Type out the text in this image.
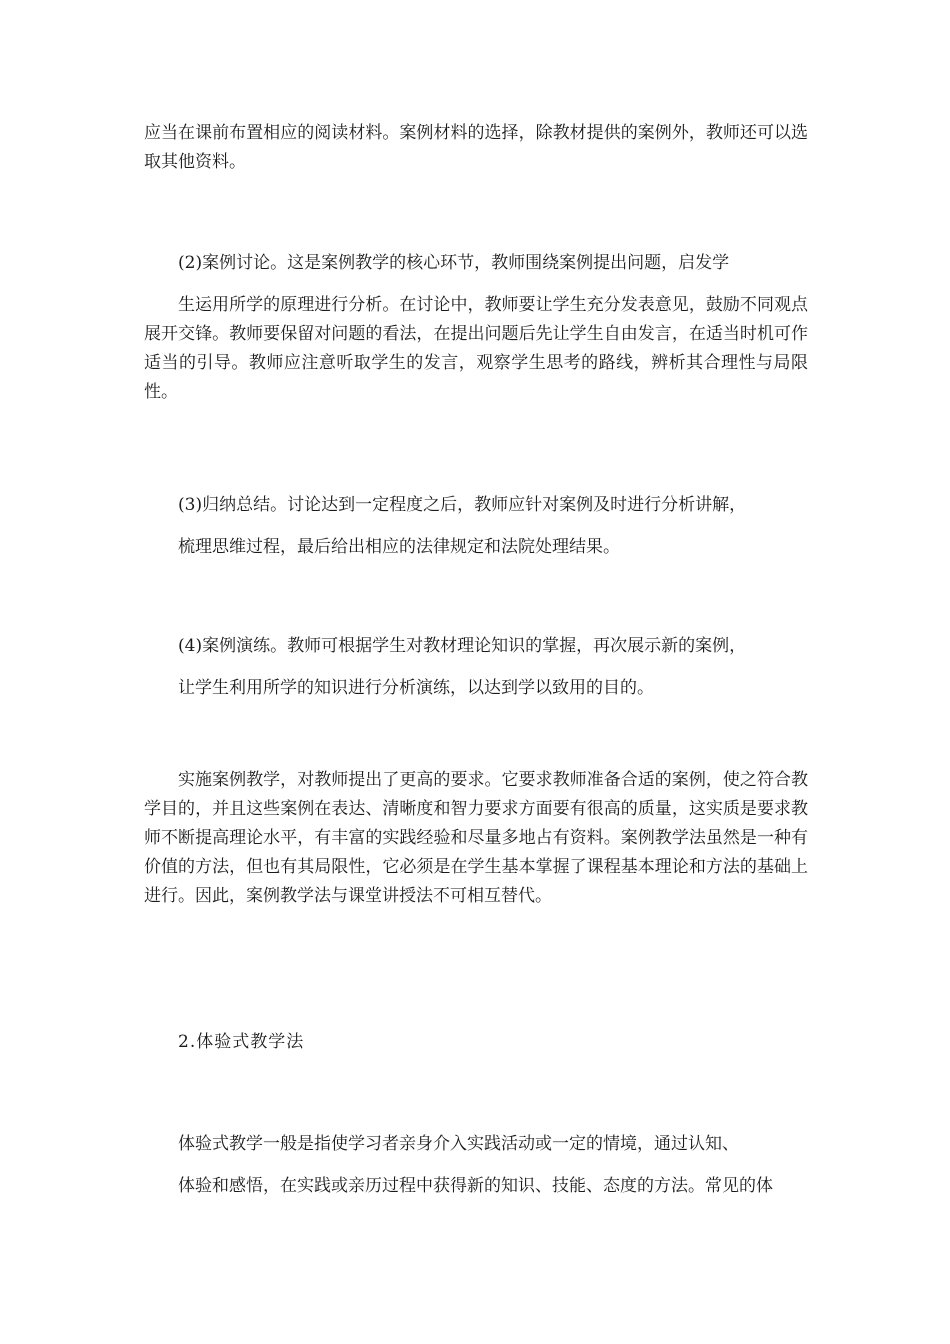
应当在课前布置相应的阅读材料。案例材料的选择，除教材提供的案例外，教师还可以选取其他资料。

(2)案例讨论。这是案例教学的核心环节，教师围绕案例提出问题，启发学
生运用所学的原理进行分析。在讨论中，教师要让学生充分发表意见，鼓励不同观点展开交锋。教师要保留对问题的看法，在提出问题后先让学生自由发言，在适当时机可作适当的引导。教师应注意听取学生的发言，观察学生思考的路线，辨析其合理性与局限性。

(3)归纳总结。讨论达到一定程度之后，教师应针对案例及时进行分析讲解，
梳理思维过程，最后给出相应的法律规定和法院处理结果。

(4)案例演练。教师可根据学生对教材理论知识的掌握，再次展示新的案例，
让学生利用所学的知识进行分析演练，以达到学以致用的目的。

实施案例教学，对教师提出了更高的要求。它要求教师准备合适的案例，使之符合教学目的，并且这些案例在表达、清晰度和智力要求方面要有很高的质量，这实质是要求教师不断提高理论水平，有丰富的实践经验和尽量多地占有资料。案例教学法虽然是一种有价值的方法，但也有其局限性，它必须是在学生基本掌握了课程基本理论和方法的基础上进行。因此，案例教学法与课堂讲授法不可相互替代。

2.体验式教学法

体验式教学一般是指使学习者亲身介入实践活动或一定的情境，通过认知、
体验和感悟，在实践或亲历过程中获得新的知识、技能、态度的方法。常见的体
